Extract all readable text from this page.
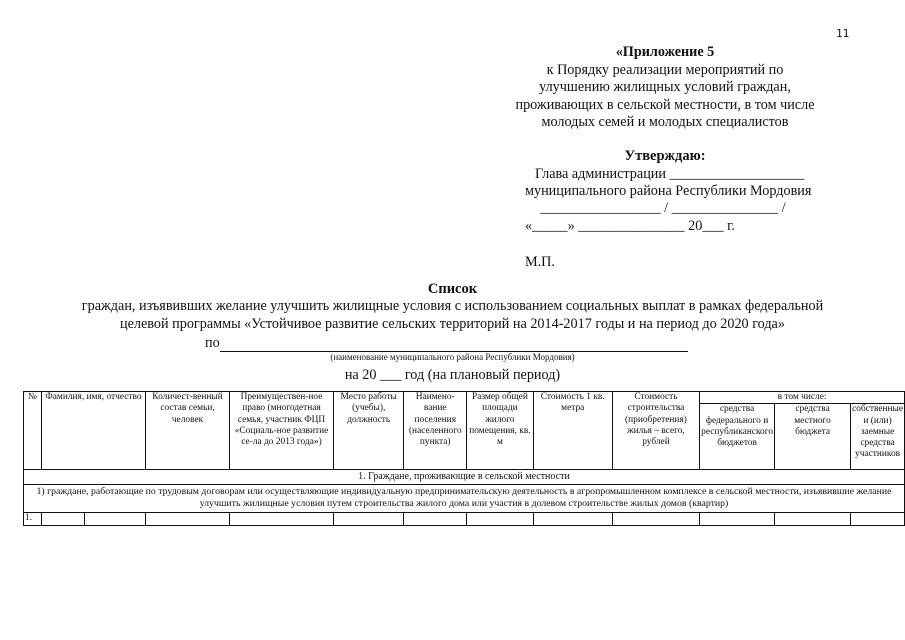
11
«Приложение 5
к Порядку реализации мероприятий по
улучшению жилищных условий граждан,
проживающих в сельской местности, в том числе
молодых семей и молодых специалистов
Утверждаю:
Глава администрации ___________________
муниципального района Республики Мордовия
_________________ / _______________ /
«_____» _______________ 20___ г.
М.П.
Список
граждан, изъявивших желание улучшить жилищные условия с использованием социальных выплат в рамках федеральной
целевой программы «Устойчивое развитие сельских территорий на 2014-2017 годы и на период до 2020 года»
по
(наименование муниципального района Республики Мордовия)
на 20 ___ год (на плановый период)
№	Фамилия, имя, отчество		Количест-венный состав семьи, человек	Преимуществен-ное право (многодетная семья, участник ФЦП «Социаль-ное развитие се-ла до 2013 года»)	Место работы (учебы), должность	Наимено-вание поселения (населенного пункта)	Размер общей площади жилого помещения, кв. м	Стоимость 1 кв. метра	Стоимость строительства (приобретения) жилья – всего, рублей	в том числе:		
										средства федерального и республиканского бюджетов	средства местного бюджета	собственные и (или) заемные средства участников
1. Граждане, проживающие в сельской местности												
1) граждане, работающие по трудовым договорам или осуществляющие индивидуальную предпринимательскую деятельность в агропромышленном комплексе в сельской местности, изъявившие желание улучшить жилищные условия путем строительства жилого дома или участия в долевом строительстве жилых домов (квартир)												
1.												
